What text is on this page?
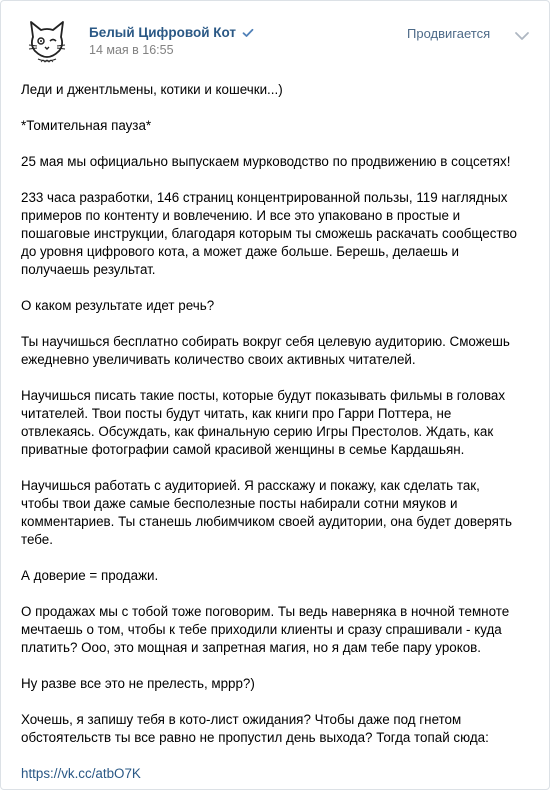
Белый Цифровой Кот
14 мая в 16:55
Продвигается

Леди и джентльмены, котики и кошечки...)

*Томительная пауза*

25 мая мы официально выпускаем мурководство по продвижению в соцсетях!

233 часа разработки, 146 страниц концентрированной пользы, 119 наглядных примеров по контенту и вовлечению. И все это упаковано в простые и пошаговые инструкции, благодаря которым ты сможешь раскачать сообщество до уровня цифрового кота, а может даже больше. Берешь, делаешь и получаешь результат.

О каком результате идет речь?

Ты научишься бесплатно собирать вокруг себя целевую аудиторию. Сможешь ежедневно увеличивать количество своих активных читателей.

Научишься писать такие посты, которые будут показывать фильмы в головах читателей. Твои посты будут читать, как книги про Гарри Поттера, не отвлекаясь. Обсуждать, как финальную серию Игры Престолов. Ждать, как приватные фотографии самой красивой женщины в семье Кардашьян.

Научишься работать с аудиторией. Я расскажу и покажу, как сделать так, чтобы твои даже самые бесполезные посты набирали сотни мяуков и комментариев. Ты станешь любимчиком своей аудитории, она будет доверять тебе.

А доверие = продажи.

О продажах мы с тобой тоже поговорим. Ты ведь наверняка в ночной темноте мечтаешь о том, чтобы к тебе приходили клиенты и сразу спрашивали - куда платить? Ооо, это мощная и запретная магия, но я дам тебе пару уроков.

Ну разве все это не прелесть, мррр?)

Хочешь, я запишу тебя в кото-лист ожидания? Чтобы даже под гнетом обстоятельств ты все равно не пропустил день выхода? Тогда топай сюда:

https://vk.cc/atbO7K
